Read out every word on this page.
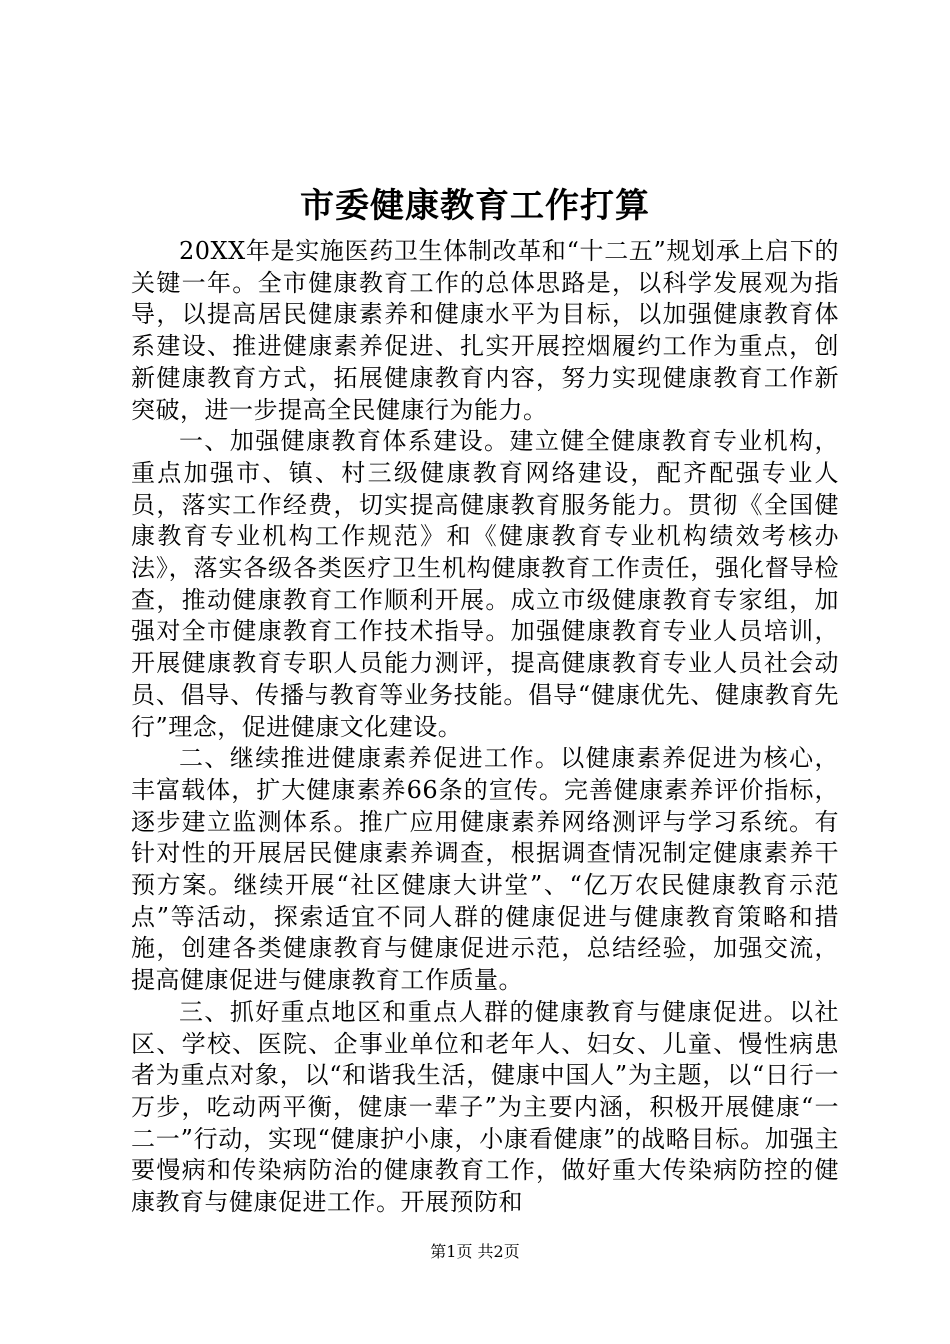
市委健康教育工作打算

20XX年是实施医药卫生体制改革和“十二五”规划承上启下的关键一年。全市健康教育工作的总体思路是，以科学发展观为指导，以提高居民健康素养和健康水平为目标，以加强健康教育体系建设、推进健康素养促进、扎实开展控烟履约工作为重点，创新健康教育方式，拓展健康教育内容，努力实现健康教育工作新突破，进一步提高全民健康行为能力。

一、加强健康教育体系建设。建立健全健康教育专业机构，重点加强市、镇、村三级健康教育网络建设，配齐配强专业人员，落实工作经费，切实提高健康教育服务能力。贯彻《全国健康教育专业机构工作规范》和《健康教育专业机构绩效考核办法》，落实各级各类医疗卫生机构健康教育工作责任，强化督导检查，推动健康教育工作顺利开展。成立市级健康教育专家组，加强对全市健康教育工作技术指导。加强健康教育专业人员培训，开展健康教育专职人员能力测评，提高健康教育专业人员社会动员、倡导、传播与教育等业务技能。倡导“健康优先、健康教育先行”理念，促进健康文化建设。

二、继续推进健康素养促进工作。以健康素养促进为核心，丰富载体，扩大健康素养66条的宣传。完善健康素养评价指标，逐步建立监测体系。推广应用健康素养网络测评与学习系统。有针对性的开展居民健康素养调查，根据调查情况制定健康素养干预方案。继续开展“社区健康大讲堂”、“亿万农民健康教育示范点”等活动，探索适宜不同人群的健康促进与健康教育策略和措施，创建各类健康教育与健康促进示范，总结经验，加强交流，提高健康促进与健康教育工作质量。

三、抓好重点地区和重点人群的健康教育与健康促进。以社区、学校、医院、企事业单位和老年人、妇女、儿童、慢性病患者为重点对象，以“和谐我生活，健康中国人”为主题，以“日行一万步，吃动两平衡，健康一辈子”为主要内涵，积极开展健康“一二一”行动，实现“健康护小康，小康看健康”的战略目标。加强主要慢病和传染病防治的健康教育工作，做好重大传染病防控的健康教育与健康促进工作。开展预防和

第1页 共2页
